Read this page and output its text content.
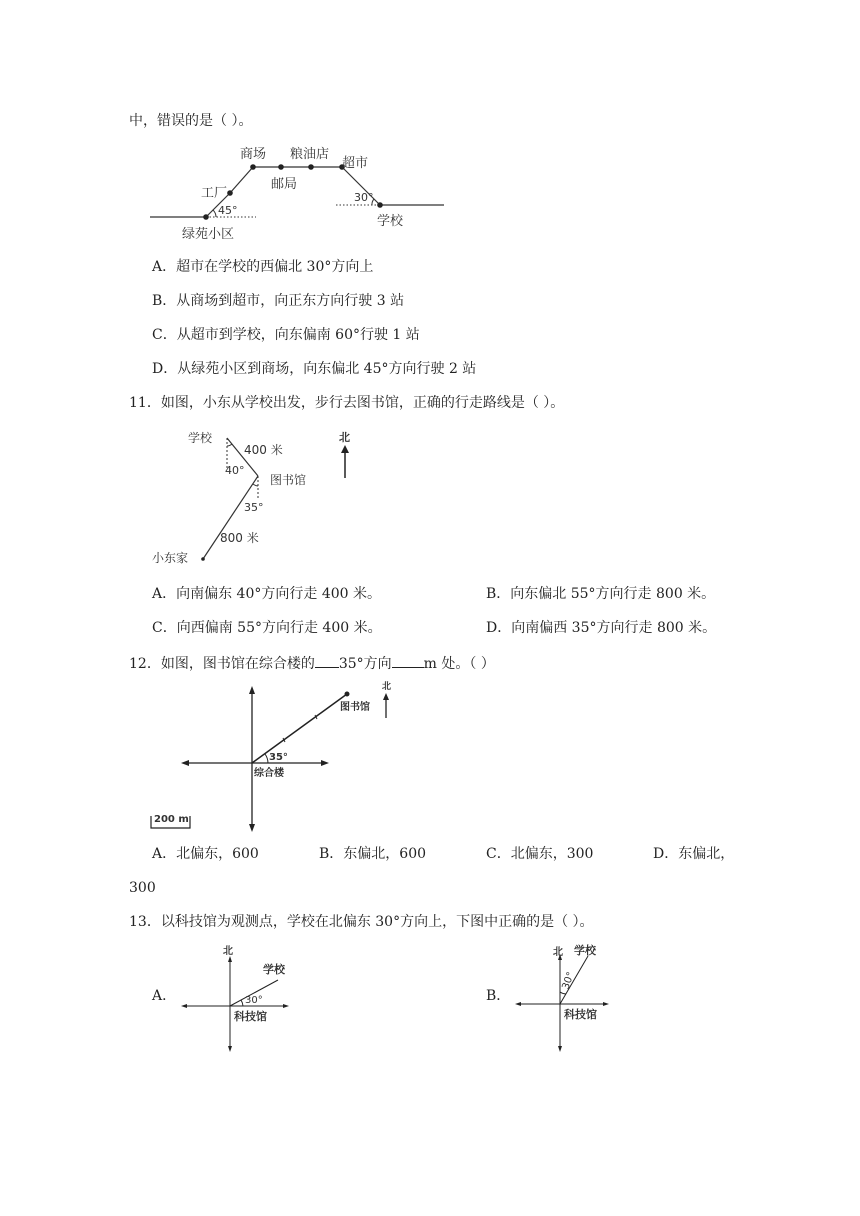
中，错误的是（ ）。
商场 粮油店
超市
工厂
邮局
绿苑小区
学校
45°
30°
A．超市在学校的西偏北 30°方向上
B．从商场到超市，向正东方向行驶 3 站
C．从超市到学校，向东偏南 60°行驶 1 站
D．从绿苑小区到商场，向东偏北 45°方向行驶 2 站
11．如图，小东从学校出发，步行去图书馆，正确的行走路线是（ ）。
北
学校
400 米
40°
图书馆
35°
800 米
小东家
A．向南偏东 40°方向行走 400 米。	B．向东偏北 55°方向行走 800 米。
C．向西偏南 55°方向行走 400 米。	D．向南偏西 35°方向行走 800 米。
12．如图，图书馆在综合楼的 35°方向 m 处。（ ）
北
图书馆
35°
综合楼
200 m
A．北偏东，600	B．东偏北，600	C．北偏东，300	D．东偏北，
300
13．以科技馆为观测点，学校在北偏东 30°方向上，下图中正确的是（ ）。
A．
北
学校
30°
科技馆
B．
北 学校
30°
科技馆
